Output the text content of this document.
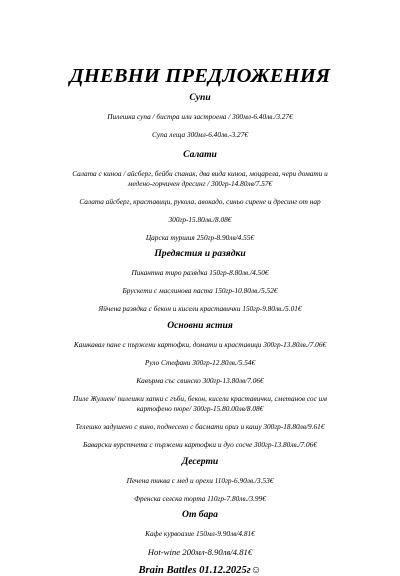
ДНЕВНИ ПРЕДЛОЖЕНИЯ
Супи
Пилешка супа / бистра или застроена / 300мл-6.40лв./3.27€
Супа леща 300мл-6.40лв.-3.27€
Салати
Салата с киноа / айсберг, бейби спанак, два вида киноа, моцарела, чери домати и медено-горчичен дресинг / 300гр-14.80лв/7.57€
Салата айсберг, краставици, рукола, авокадо, синьо сирене и дресинг от нар
300гр-15.80лв./8.08€
Царска туршия 250гр-8.90лв/4.55€
Предястия и разядки
Пикантна тиро разядка 150гр-8.80лв./4.50€
Брускети с маслинова паста 150гр-10.80лв./5.52€
Яйчена разядка с бекон и кисели краставички 150гр-9.80лв./5.01€
Основни ястия
Кашкавал пане с пържени картофки, домати и краставици 300гр-13.80лв./7.06€
Руло Стефани 300гр-12.80лв./5.54€
Кавърма със свинско 300гр-13.80лв/7.06€
Пиле Жулиен/ пилешки хапки с гъби, бекон, кисели краставички, сметанов сос им картофено пюре/ 300гр-15.80.00лв/8.08€
Телешко задушено с вино, поднесено с басмати ориз и кашу 300гр-18.80лв/9.61€
Баварски вурстчета с пържени картофки и дуо сосче 300гр-13.80лв./7.06€
Десерти
Печена тиква с мед и орехи 110гр-6.90лв./3.53€
Френска селска торта 110гр-7.80лв./3.99€
От бара
Кафе курвоазие 150мл-9.90лв/4.81€
Hot-wine 200мл-8.90лв/4.81€
Brain Battles 01.12.2025г☺
